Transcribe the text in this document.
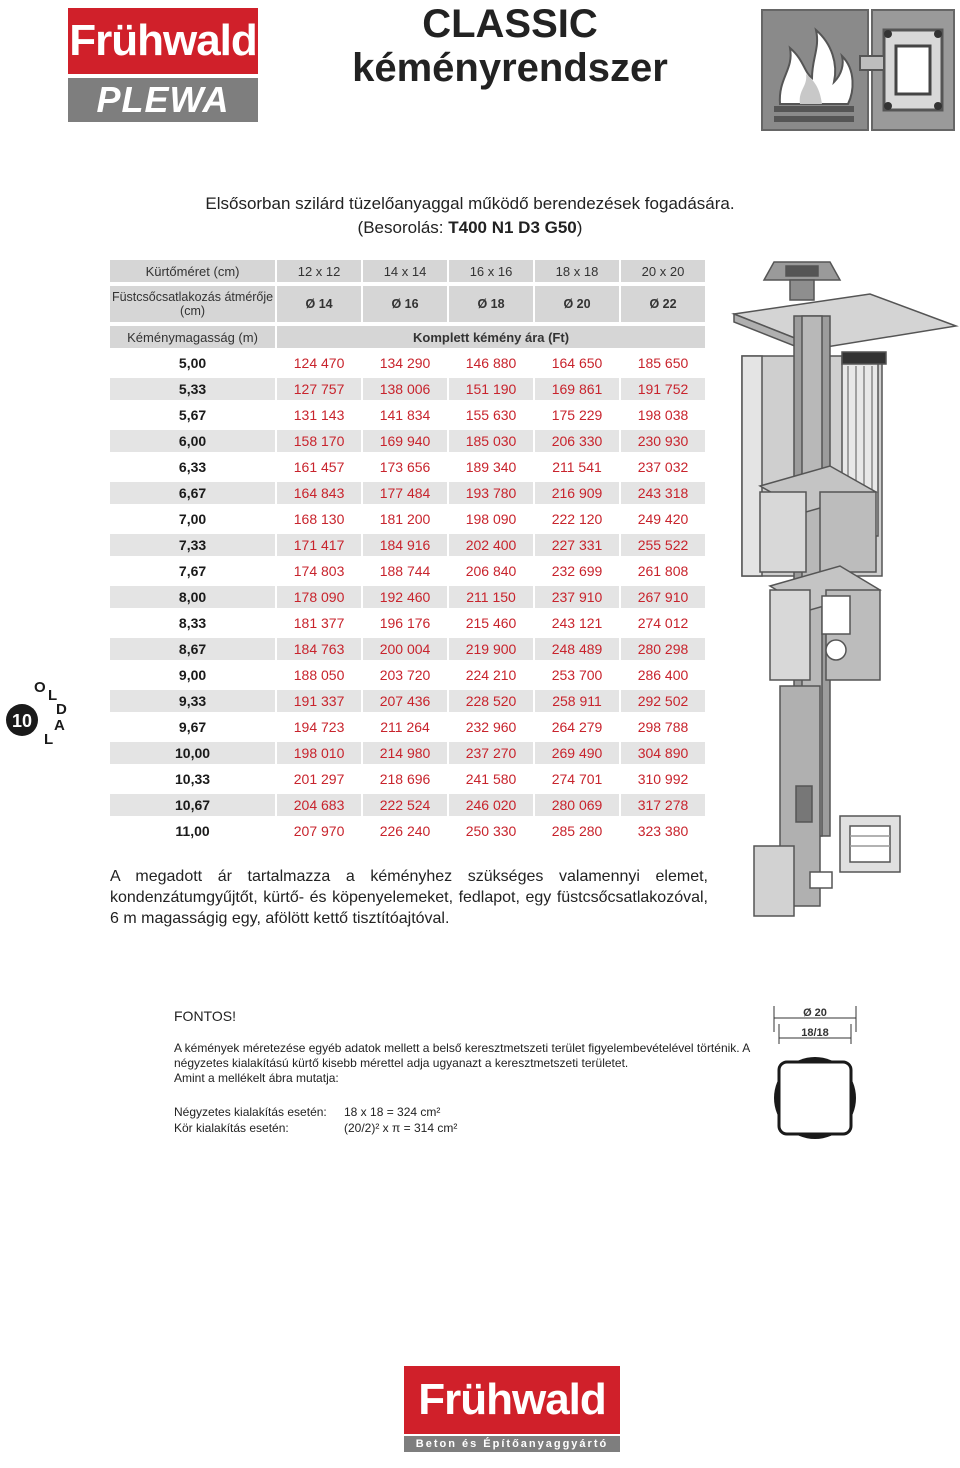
Frühwald
PLEWA
CLASSIC
kéményrendszer
Elsősorban szilárd tüzelőanyaggal működő berendezések fogadására.
(Besorolás: T400 N1 D3 G50)
Kürtőméret (cm)	12 x 12	14 x 14	16 x 16	18 x 18	20 x 20
Füstcsőcsatlakozás átmérője (cm)	Ø 14	Ø 16	Ø 18	Ø 20	Ø 22
Kéménymagasság (m)	Komplett kémény ára (Ft)				
5,00	124 470	134 290	146 880	164 650	185 650
5,33	127 757	138 006	151 190	169 861	191 752
5,67	131 143	141 834	155 630	175 229	198 038
6,00	158 170	169 940	185 030	206 330	230 930
6,33	161 457	173 656	189 340	211 541	237 032
6,67	164 843	177 484	193 780	216 909	243 318
7,00	168 130	181 200	198 090	222 120	249 420
7,33	171 417	184 916	202 400	227 331	255 522
7,67	174 803	188 744	206 840	232 699	261 808
8,00	178 090	192 460	211 150	237 910	267 910
8,33	181 377	196 176	215 460	243 121	274 012
8,67	184 763	200 004	219 900	248 489	280 298
9,00	188 050	203 720	224 210	253 700	286 400
9,33	191 337	207 436	228 520	258 911	292 502
9,67	194 723	211 264	232 960	264 279	298 788
10,00	198 010	214 980	237 270	269 490	304 890
10,33	201 297	218 696	241 580	274 701	310 992
10,67	204 683	222 524	246 020	280 069	317 278
11,00	207 970	226 240	250 330	285 280	323 380
A megadott ár tartalmazza a kéményhez szükséges valamennyi elemet, kondenzátumgyűjtőt, kürtő- és köpenyelemeket, fedlapot, egy füstcsőcsatlakozóval, 6 m magasságig egy, afölött kettő tisztítóajtóval.
10
O L D A L
FONTOS!
A kémények méretezése egyéb adatok mellett a belső keresztmetszeti terület figyelembevételével történik. A négyzetes kialakítású kürtő kisebb mérettel adja ugyanazt a keresztmetszeti területet.
Amint a mellékelt ábra mutatja:
Négyzetes kialakítás esetén: 18 x 18 = 324 cm²
Kör kialakítás esetén:	(20/2)² x π = 314 cm²
Ø 20
18/18
Frühwald
Beton és Építőanyaggyártó Kft.
